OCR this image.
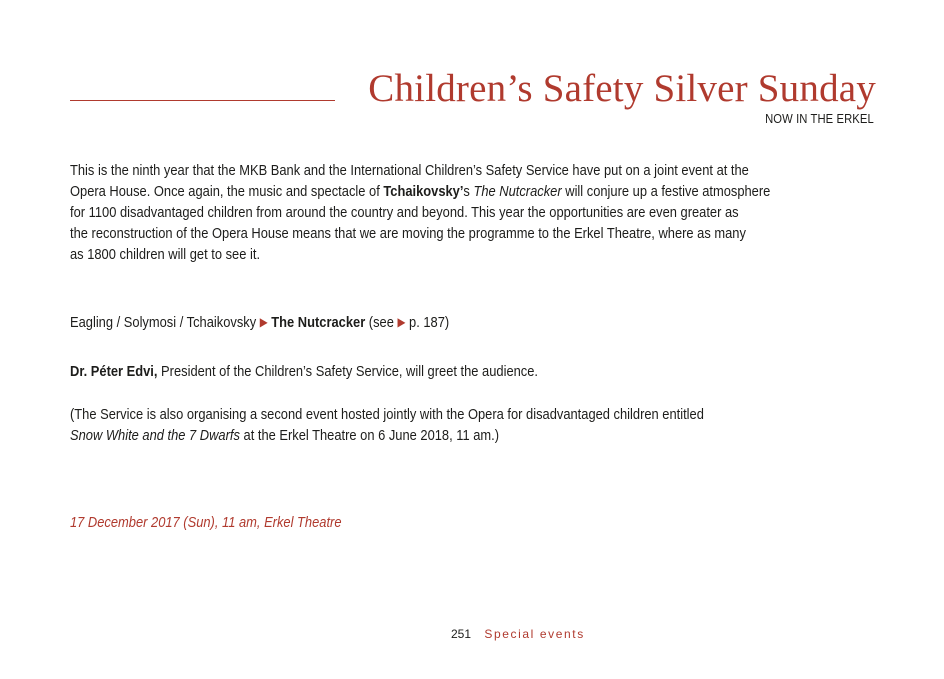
Children’s Safety Silver Sunday
NOW IN THE ERKEL
This is the ninth year that the MKB Bank and the International Children’s Safety Service have put on a joint event at the
Opera House. Once again, the music and spectacle of Tchaikovsky’s The Nutcracker will conjure up a festive atmosphere
for 1100 disadvantaged children from around the country and beyond. This year the opportunities are even greater as
the reconstruction of the Opera House means that we are moving the programme to the Erkel Theatre, where as many
as 1800 children will get to see it.
Eagling / Solymosi / Tchaikovsky ▶ The Nutcracker (see ▶ p. 187)
Dr. Péter Edvi, President of the Children’s Safety Service, will greet the audience.
(The Service is also organising a second event hosted jointly with the Opera for disadvantaged children entitled
Snow White and the 7 Dwarfs at the Erkel Theatre on 6 June 2018, 11 am.)
17 December 2017 (Sun), 11 am, Erkel Theatre
251 Special events
